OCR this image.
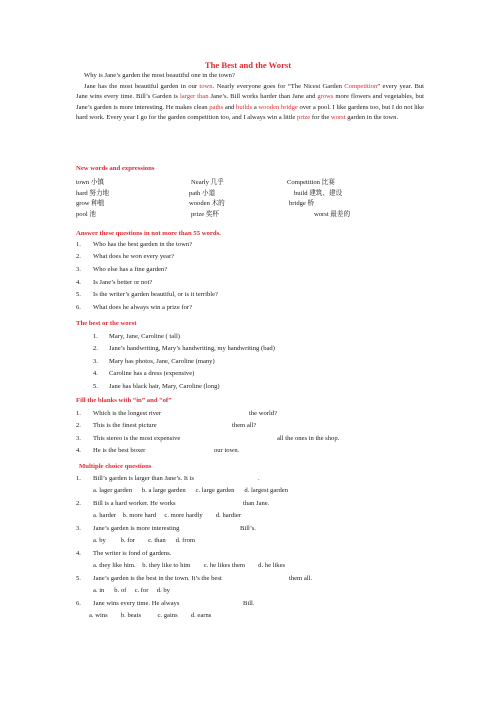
The Best and the Worst
Why is Jane’s garden the most beautiful one in the town?
Jane has the most beautiful garden in our town. Nearly everyone goes for “The Nicest Garden Competition” every year. But Jane wins every time. Bill’s Garden is larger than Jane’s. Bill works harder than Jane and grows more flowers and vegetables, but Jane’s garden is more interesting. He makes clean paths and builds a wooden bridge over a pool. I like gardens too, but I do not like hard work. Every year I go for the garden competition too, and I always win a little prize for the worst garden in the town.
New words and expressions
Answer these questions in not more than 55 words.
The best or the worst
Fill the blanks with “in” and “of”
Multiple choice questions
town 小镇	Nearly 几乎	Competition 比赛
hard 努力地	path 小道	build 建筑、建设
grow 种植	wooden 木的	bridge 桥
pool 池	prize 奖杯	worst 最差的
1. Who has the best garden in the town?
2. What does he won every year?
3. Who else has a fine garden?
4. Is Jane’s better or not?
5. Is the writer’s garden beautiful, or is it terrible?
6. What does he always win a prize for?
1. Mary, Jane, Caroline ( tall)
2. Jane’s handwriting, Mary’s handwriting, my handwriting (bad)
3. Mary has photos, Jane, Caroline (many)
4. Caroline has a dress (expensive)
5. Jane has black hair, Mary, Caroline (long)
1. Which is the longest river	the world?
2. This is the finest picture	them all?
3. This stereo is the most expensive	all the ones in the shop.
4. He is the best boxer	our town.
1. Bill’s garden is larger than Jane’s. It is	.
a. lager garden      b. a large garden      c. large garden      d. largest garden
2. Bill is a hard worker. He works	than Jane.
a. harder    b. more hard     c. more hardly        d. hardier
3. Jane’s garden is more interesting	Bill’s.
a. by         b. for        c. than      d. from
4. The writer is fond of gardens.
a. they like him.    b. they like to him        c. he likes them        d. he likes
5. Jane’s garden is the best in the town. It’s the best	them all.
a. in      b. of     c. for     d. by
6. Jane wins every time. He always	Bill.
a. wins        b. beats          c. gains        d. earns
